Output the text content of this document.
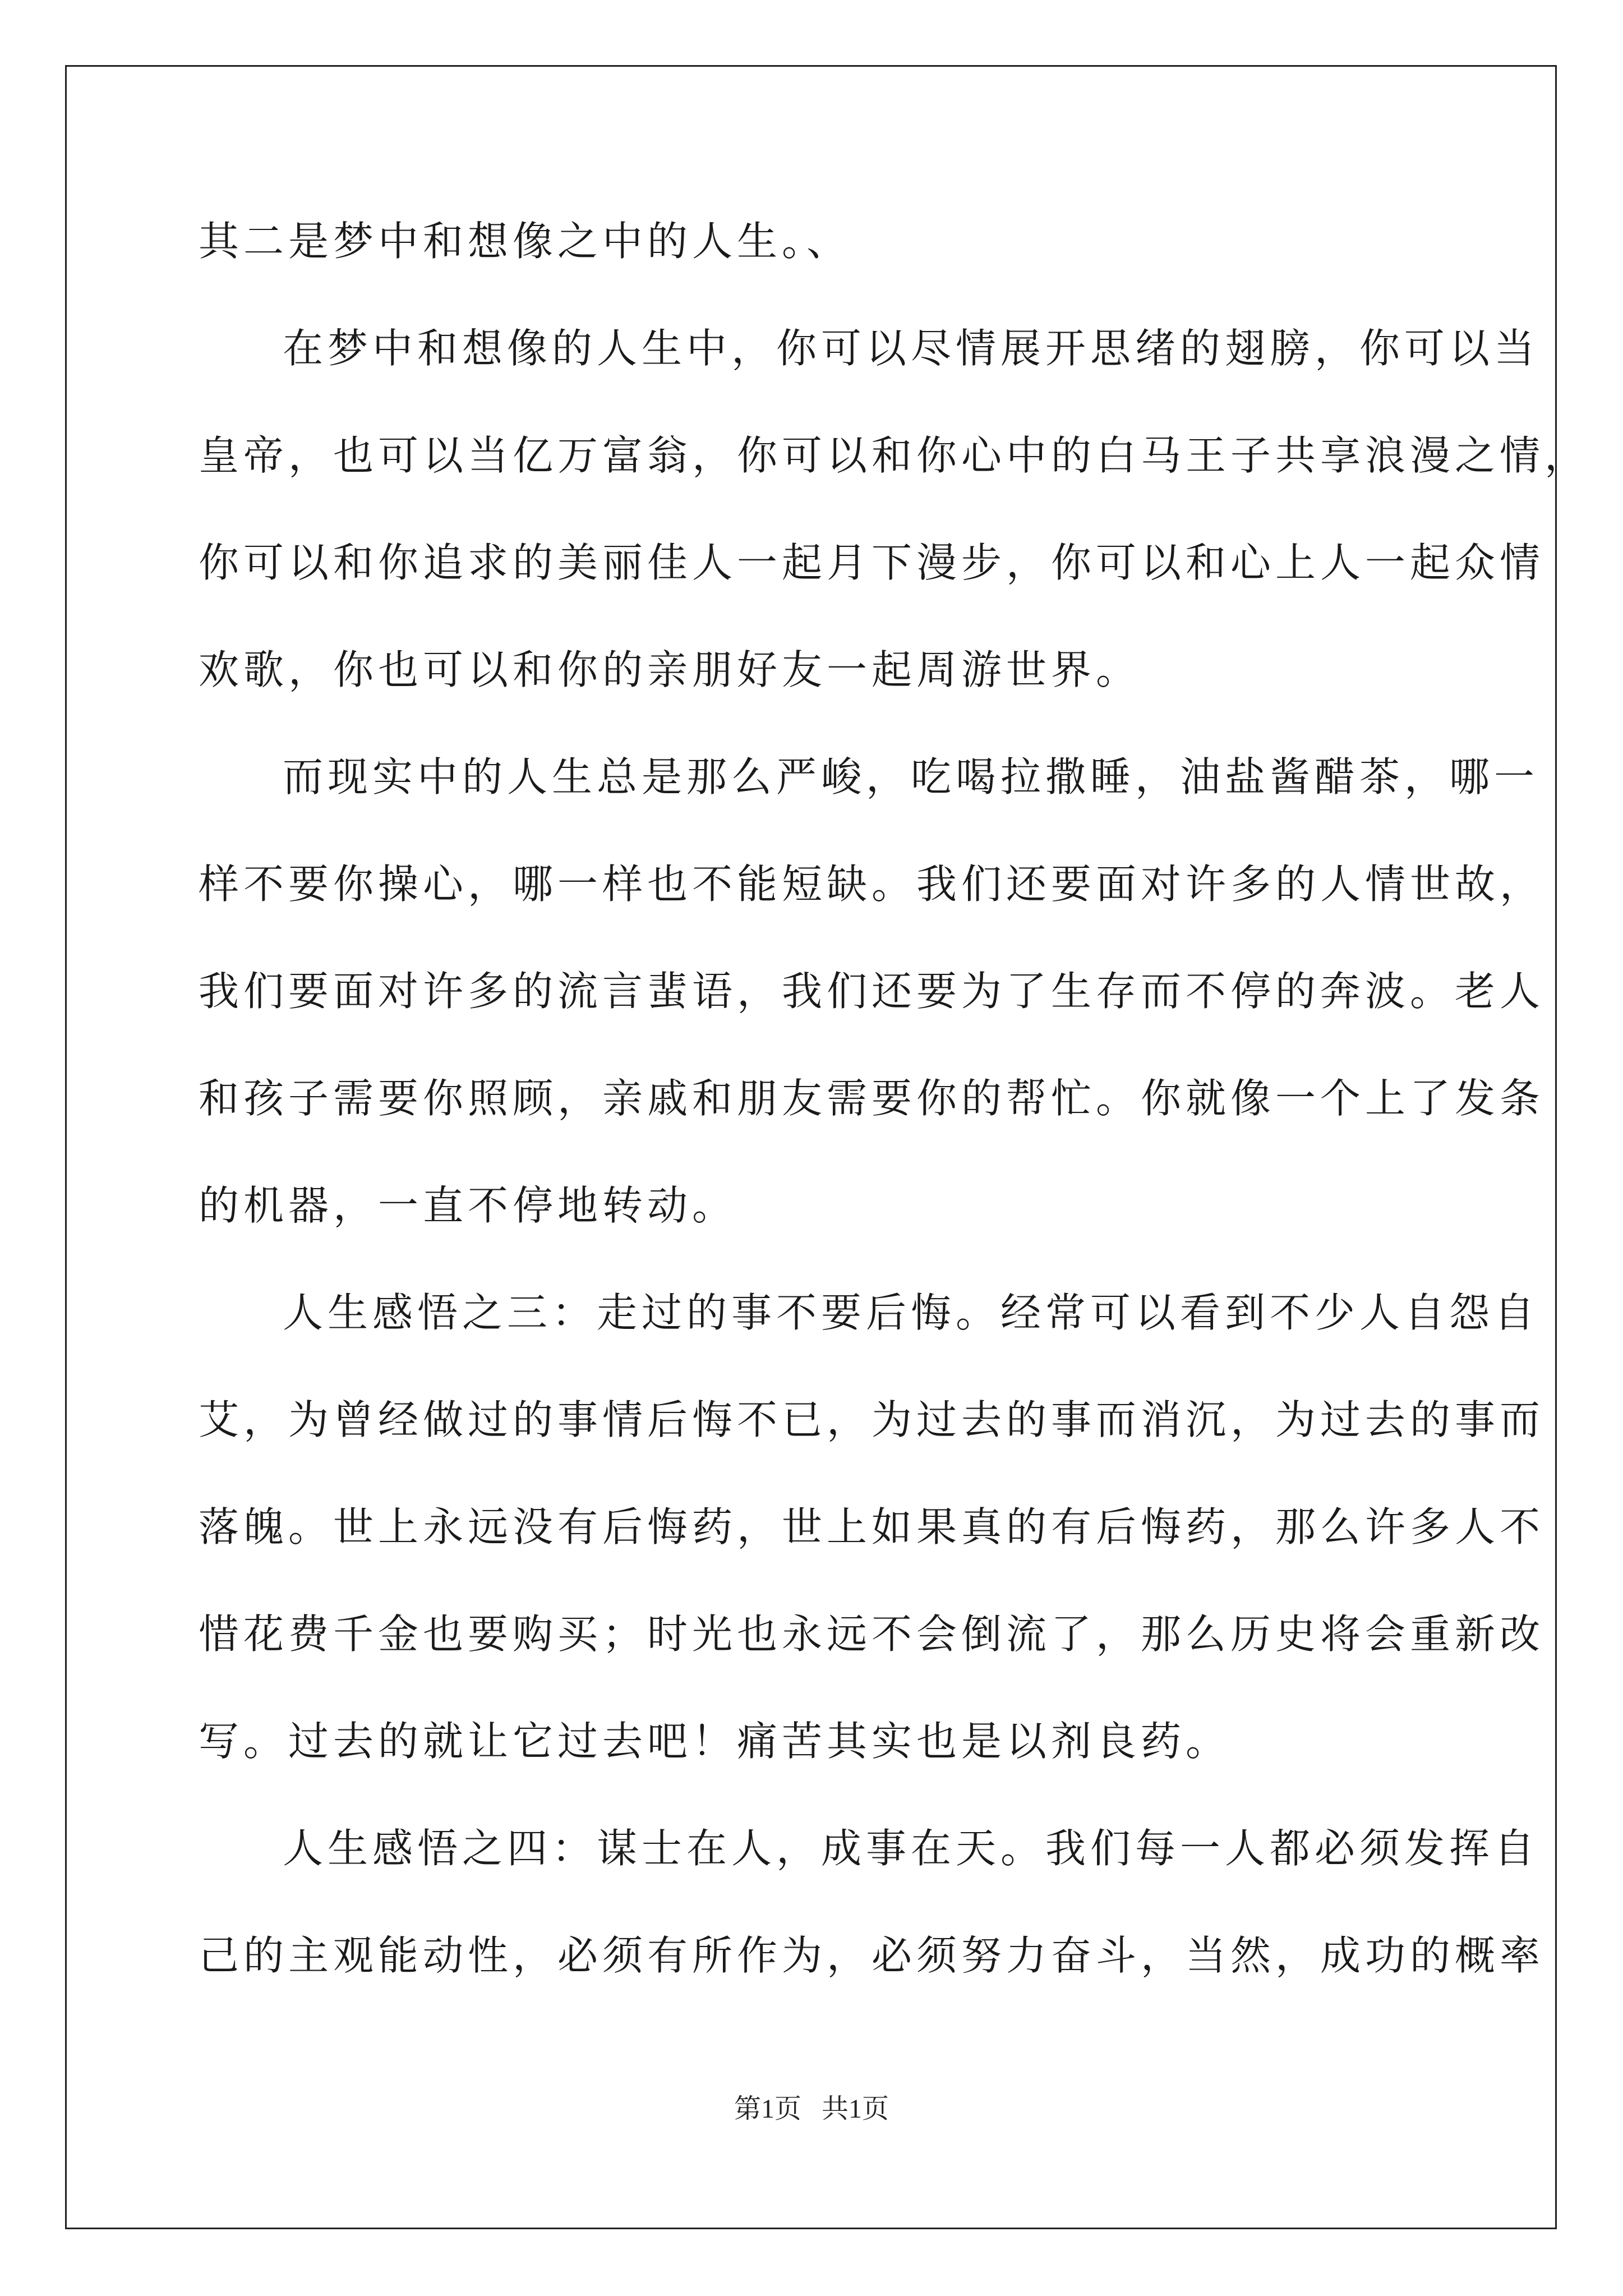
其二是梦中和想像之中的人生。、
在梦中和想像的人生中，你可以尽情展开思绪的翅膀，你可以当
皇帝，也可以当亿万富翁，你可以和你心中的白马王子共享浪漫之情，
你可以和你追求的美丽佳人一起月下漫步，你可以和心上人一起众情
欢歌，你也可以和你的亲朋好友一起周游世界。
而现实中的人生总是那么严峻，吃喝拉撒睡，油盐酱醋茶，哪一
样不要你操心，哪一样也不能短缺。我们还要面对许多的人情世故，
我们要面对许多的流言蜚语，我们还要为了生存而不停的奔波。老人
和孩子需要你照顾，亲戚和朋友需要你的帮忙。你就像一个上了发条
的机器，一直不停地转动。
人生感悟之三：走过的事不要后悔。经常可以看到不少人自怨自
艾，为曾经做过的事情后悔不已，为过去的事而消沉，为过去的事而
落魄。世上永远没有后悔药，世上如果真的有后悔药，那么许多人不
惜花费千金也要购买；时光也永远不会倒流了，那么历史将会重新改
写。过去的就让它过去吧！痛苦其实也是以剂良药。
人生感悟之四：谋士在人，成事在天。我们每一人都必须发挥自
己的主观能动性，必须有所作为，必须努力奋斗，当然，成功的概率
第1页   共1页
